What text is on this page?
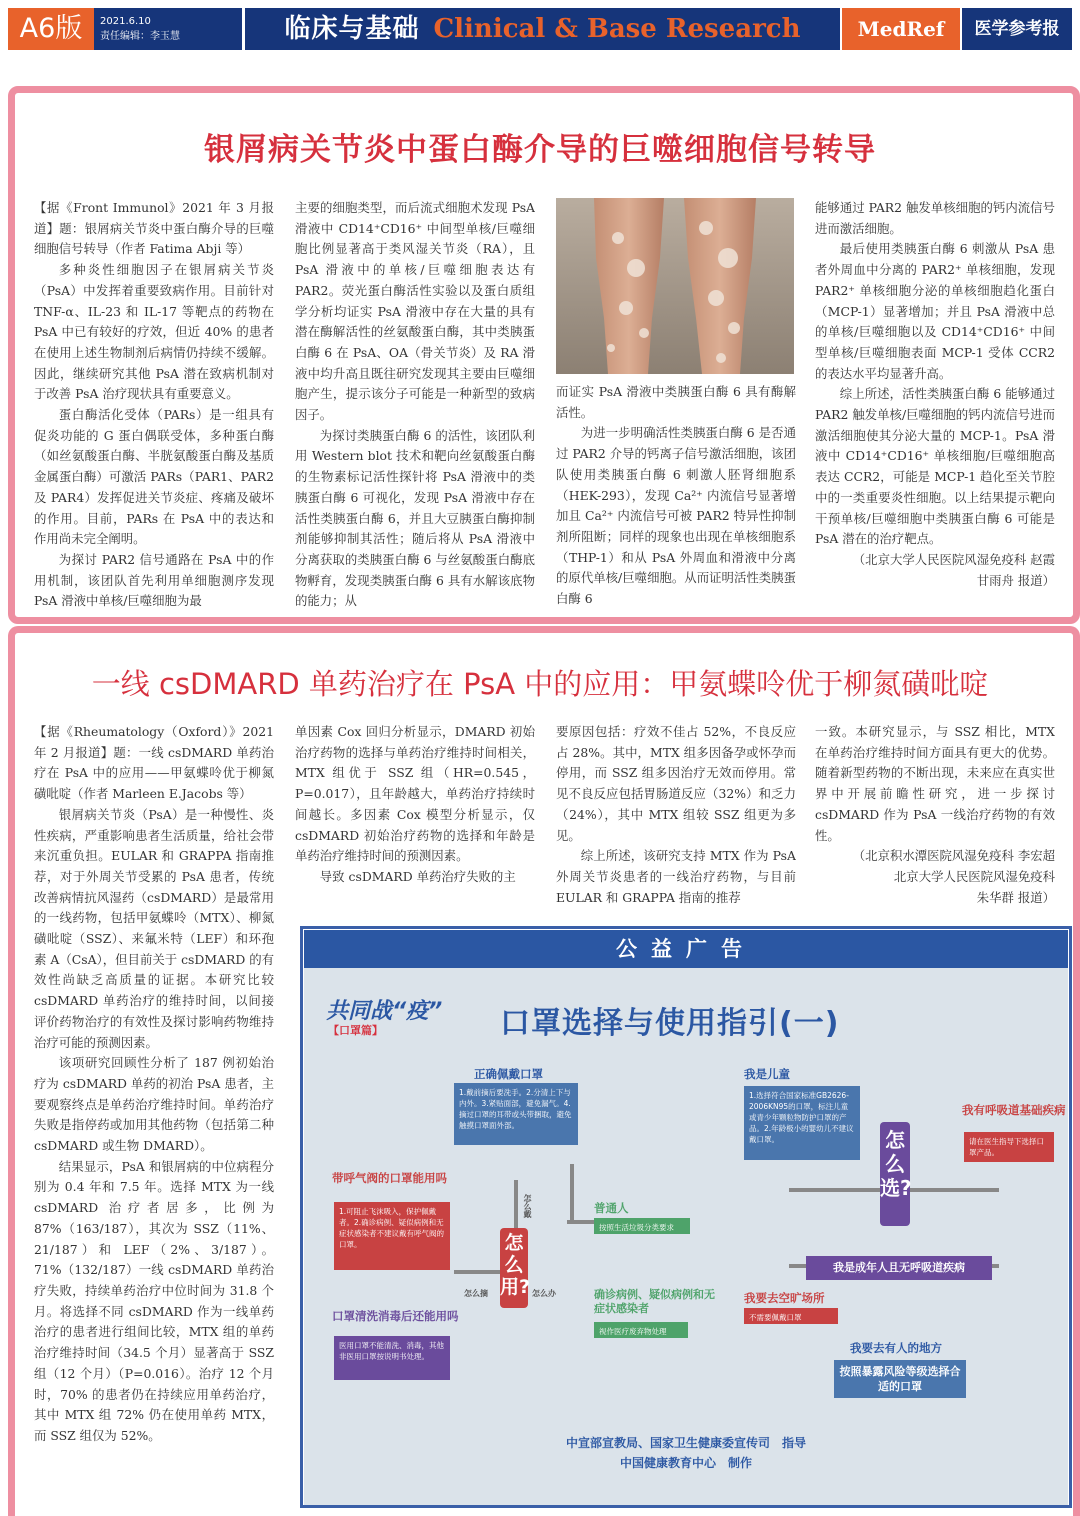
A6版	2021.6.10
责任编辑：李玉慧	临床与基础 Clinical & Base Research	MedRef	医学参考报
银屑病关节炎中蛋白酶介导的巨噬细胞信号转导

【据《Front Immunol》2021 年 3 月报道】题：银屑病关节炎中蛋白酶介导的巨噬细胞信号转导（作者 Fatima Abji 等）

多种炎性细胞因子在银屑病关节炎（PsA）中发挥着重要致病作用。目前针对 TNF-α、IL-23 和 IL-17 等靶点的药物在 PsA 中已有较好的疗效，但近 40% 的患者在使用上述生物制剂后病情仍持续不缓解。因此，继续研究其他 PsA 潜在致病机制对于改善 PsA 治疗现状具有重要意义。

蛋白酶活化受体（PARs）是一组具有促炎功能的 G 蛋白偶联受体，多种蛋白酶（如丝氨酸蛋白酶、半胱氨酸蛋白酶及基质金属蛋白酶）可激活 PARs（PAR1、PAR2 及 PAR4）发挥促进关节炎症、疼痛及破坏的作用。目前，PARs 在 PsA 中的表达和作用尚未完全阐明。

为探讨 PAR2 信号通路在 PsA 中的作用机制，该团队首先利用单细胞测序发现 PsA 滑液中单核/巨噬细胞为最

主要的细胞类型，而后流式细胞术发现 PsA 滑液中 CD14⁺CD16⁺ 中间型单核/巨噬细胞比例显著高于类风湿关节炎（RA），且 PsA 滑液中的单核/巨噬细胞表达有 PAR2。荧光蛋白酶活性实验以及蛋白质组学分析均证实 PsA 滑液中存在大量的具有潜在酶解活性的丝氨酸蛋白酶，其中类胰蛋白酶 6 在 PsA、OA（骨关节炎）及 RA 滑液中均升高且既往研究发现其主要由巨噬细胞产生，提示该分子可能是一种新型的致病因子。

为探讨类胰蛋白酶 6 的活性，该团队利用 Western blot 技术和靶向丝氨酸蛋白酶的生物素标记活性探针将 PsA 滑液中的类胰蛋白酶 6 可视化，发现 PsA 滑液中存在活性类胰蛋白酶 6，并且大豆胰蛋白酶抑制剂能够抑制其活性；随后将从 PsA 滑液中分离获取的类胰蛋白酶 6 与丝氨酸蛋白酶底物孵育，发现类胰蛋白酶 6 具有水解该底物的能力；从

而证实 PsA 滑液中类胰蛋白酶 6 具有酶解活性。

为进一步明确活性类胰蛋白酶 6 是否通过 PAR2 介导的钙离子信号激活细胞，该团队使用类胰蛋白酶 6 刺激人胚肾细胞系（HEK-293），发现 Ca²⁺ 内流信号显著增加且 Ca²⁺ 内流信号可被 PAR2 特异性抑制剂所阻断；同样的现象也出现在单核细胞系（THP-1）和从 PsA 外周血和滑液中分离的原代单核/巨噬细胞。从而证明活性类胰蛋白酶 6

能够通过 PAR2 触发单核细胞的钙内流信号进而激活细胞。

最后使用类胰蛋白酶 6 刺激从 PsA 患者外周血中分离的 PAR2⁺ 单核细胞，发现 PAR2⁺ 单核细胞分泌的单核细胞趋化蛋白（MCP-1）显著增加；并且 PsA 滑液中总的单核/巨噬细胞以及 CD14⁺CD16⁺ 中间型单核/巨噬细胞表面 MCP-1 受体 CCR2 的表达水平均显著升高。

综上所述，活性类胰蛋白酶 6 能够通过 PAR2 触发单核/巨噬细胞的钙内流信号进而激活细胞使其分泌大量的 MCP-1。PsA 滑液中 CD14⁺CD16⁺ 单核细胞/巨噬细胞高表达 CCR2，可能是 MCP-1 趋化至关节腔中的一类重要炎性细胞。以上结果提示靶向干预单核/巨噬细胞中类胰蛋白酶 6 可能是 PsA 潜在的治疗靶点。

（北京大学人民医院风湿免疫科 赵霞

甘雨舟 报道）

一线 csDMARD 单药治疗在 PsA 中的应用：甲氨蝶呤优于柳氮磺吡啶

【据《Rheumatology（Oxford）》2021 年 2 月报道】题：一线 csDMARD 单药治疗在 PsA 中的应用——甲氨蝶呤优于柳氮磺吡啶（作者 Marleen E.Jacobs 等）

银屑病关节炎（PsA）是一种慢性、炎性疾病，严重影响患者生活质量，给社会带来沉重负担。EULAR 和 GRAPPA 指南推荐，对于外周关节受累的 PsA 患者，传统改善病情抗风湿药（csDMARD）是最常用的一线药物，包括甲氨蝶呤（MTX）、柳氮磺吡啶（SSZ）、来氟米特（LEF）和环孢素 A（CsA），但目前关于 csDMARD 的有效性尚缺乏高质量的证据。本研究比较 csDMARD 单药治疗的维持时间，以间接评价药物治疗的有效性及探讨影响药物维持治疗可能的预测因素。

该项研究回顾性分析了 187 例初始治疗为 csDMARD 单药的初治 PsA 患者，主要观察终点是单药治疗维持时间。单药治疗失败是指停药或加用其他药物（包括第二种 csDMARD 或生物 DMARD）。

结果显示，PsA 和银屑病的中位病程分别为 0.4 年和 7.5 年。选择 MTX 为一线 csDMARD 治疗者居多，比例为 87%（163/187），其次为 SSZ（11%、21/187）和 LEF（2%、3/187）。71%（132/187）一线 csDMARD 单药治疗失败，持续单药治疗中位时间为 31.8 个月。将选择不同 csDMARD 作为一线单药治疗的患者进行组间比较，MTX 组的单药治疗维持时间（34.5 个月）显著高于 SSZ 组（12 个月）（P=0.016）。治疗 12 个月时，70% 的患者仍在持续应用单药治疗，其中 MTX 组 72% 仍在使用单药 MTX，而 SSZ 组仅为 52%。

单因素 Cox 回归分析显示，DMARD 初始治疗药物的选择与单药治疗维持时间相关，MTX 组优于 SSZ 组（HR=0.545，P=0.017），且年龄越大，单药治疗持续时间越长。多因素 Cox 模型分析显示，仅 csDMARD 初始治疗药物的选择和年龄是单药治疗维持时间的预测因素。

导致 csDMARD 单药治疗失败的主

要原因包括：疗效不佳占 52%，不良反应占 28%。其中，MTX 组多因备孕或怀孕而停用，而 SSZ 组多因治疗无效而停用。常见不良反应包括胃肠道反应（32%）和乏力（24%），其中 MTX 组较 SSZ 组更为多见。

综上所述，该研究支持 MTX 作为 PsA 外周关节炎患者的一线治疗药物，与目前 EULAR 和 GRAPPA 指南的推荐

一致。本研究显示，与 SSZ 相比，MTX 在单药治疗维持时间方面具有更大的优势。随着新型药物的不断出现，未来应在真实世界中开展前瞻性研究，进一步探讨 csDMARD 作为 PsA 一线治疗药物的有效性。

（北京积水潭医院风湿免疫科 李宏超

北京大学人民医院风湿免疫科

朱华群 报道）

公益广告
共同战“疫”
【口罩篇】	口罩选择与使用指引(一)
正确佩戴口罩
1.戴前摘后要洗手。2.分清上下与内外。3.紧贴面部，避免漏气。4.摘过口罩的耳带或头带捆取，避免触摸口罩面外部。
带呼气阀的口罩能用吗
1.可阻止飞沫吸入，保护佩戴者。2.确诊病例、疑似病例和无症状感染者不建议戴有呼气阀的口罩。
口罩清洗消毒后还能用吗
医用口罩不能清洗、消毒，其他非医用口罩按说明书处理。
怎么戴
怎么摘	怎么办
怎么用?
普通人
按照生活垃圾分类要求
确诊病例、疑似病例和无症状感染者
视作医疗废弃物处理
我是儿童
1.选择符合国家标准GB2626-2006KN95的口罩，标注儿童或青少年颗粒物防护口罩的产品。2.年龄极小的婴幼儿不建议戴口罩。	怎么选?
我有呼吸道基础疾病
请在医生指导下选择口罩产品。
我是成年人且无呼吸道疾病
我要去空旷场所
不需要佩戴口罩
我要去有人的地方
按照暴露风险等级选择合适的口罩
中宣部宣教局、国家卫生健康委宣传司　指导
中国健康教育中心　制作
